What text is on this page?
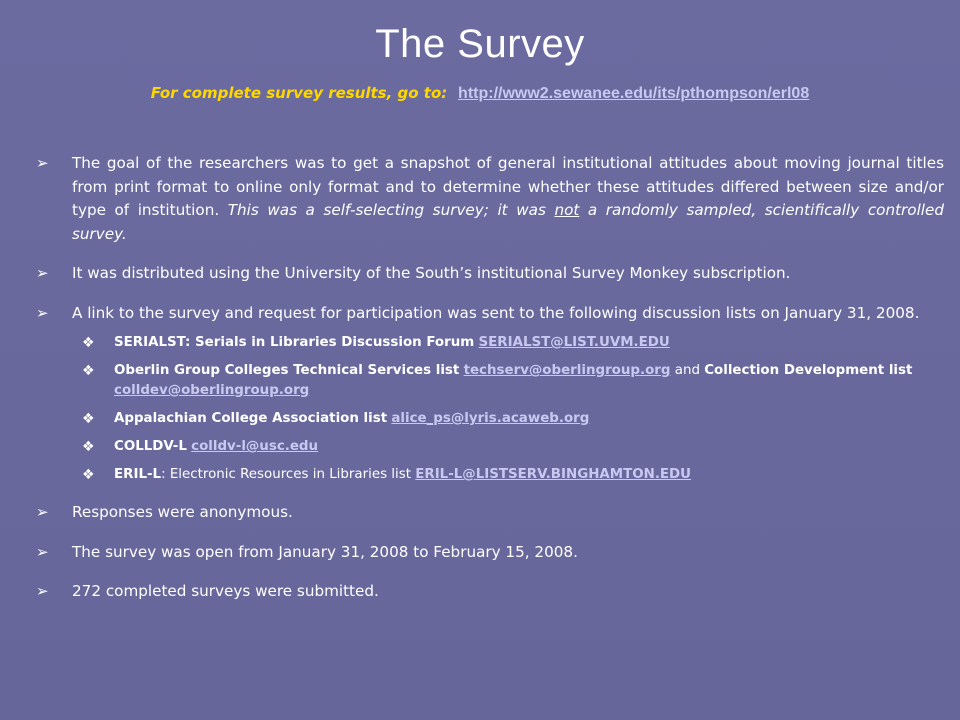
The Survey
For complete survey results, go to: http://www2.sewanee.edu/its/pthompson/erl08
➢ The goal of the researchers was to get a snapshot of general institutional attitudes about moving journal titles from print format to online only format and to determine whether these attitudes differed between size and/or type of institution. This was a self-selecting survey; it was not a randomly sampled, scientifically controlled survey.
➢ It was distributed using the University of the South’s institutional Survey Monkey subscription.
➢ A link to the survey and request for participation was sent to the following discussion lists on January 31, 2008.
❖ SERIALST: Serials in Libraries Discussion Forum SERIALST@LIST.UVM.EDU
❖ Oberlin Group Colleges Technical Services list techserv@oberlingroup.org and Collection Development list colldev@oberlingroup.org
❖ Appalachian College Association list alice_ps@lyris.acaweb.org
❖ COLLDV-L colldv-l@usc.edu
❖ ERIL-L: Electronic Resources in Libraries list ERIL-L@LISTSERV.BINGHAMTON.EDU
➢ Responses were anonymous.
➢ The survey was open from January 31, 2008 to February 15, 2008.
➢ 272 completed surveys were submitted.
